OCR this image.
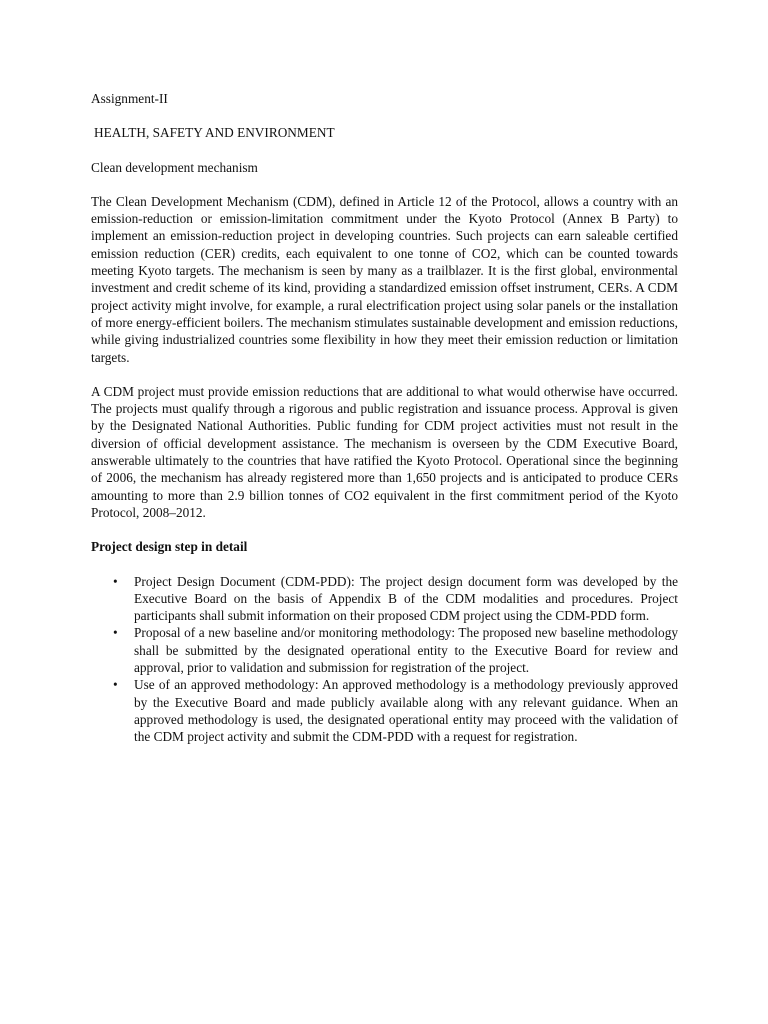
Assignment-II
HEALTH, SAFETY AND ENVIRONMENT
Clean development mechanism

The Clean Development Mechanism (CDM), defined in Article 12 of the Protocol, allows a country with an emission-reduction or emission-limitation commitment under the Kyoto Protocol (Annex B Party) to implement an emission-reduction project in developing countries. Such projects can earn saleable certified emission reduction (CER) credits, each equivalent to one tonne of CO2, which can be counted towards meeting Kyoto targets. The mechanism is seen by many as a trailblazer. It is the first global, environmental investment and credit scheme of its kind, providing a standardized emission offset instrument, CERs. A CDM project activity might involve, for example, a rural electrification project using solar panels or the installation of more energy-efficient boilers. The mechanism stimulates sustainable development and emission reductions, while giving industrialized countries some flexibility in how they meet their emission reduction or limitation targets.

A CDM project must provide emission reductions that are additional to what would otherwise have occurred. The projects must qualify through a rigorous and public registration and issuance process. Approval is given by the Designated National Authorities. Public funding for CDM project activities must not result in the diversion of official development assistance. The mechanism is overseen by the CDM Executive Board, answerable ultimately to the countries that have ratified the Kyoto Protocol. Operational since the beginning of 2006, the mechanism has already registered more than 1,650 projects and is anticipated to produce CERs amounting to more than 2.9 billion tonnes of CO2 equivalent in the first commitment period of the Kyoto Protocol, 2008–2012.

Project design step in detail
• Project Design Document (CDM-PDD): The project design document form was developed by the Executive Board on the basis of Appendix B of the CDM modalities and procedures. Project participants shall submit information on their proposed CDM project using the CDM-PDD form.
• Proposal of a new baseline and/or monitoring methodology: The proposed new baseline methodology shall be submitted by the designated operational entity to the Executive Board for review and approval, prior to validation and submission for registration of the project.
• Use of an approved methodology: An approved methodology is a methodology previously approved by the Executive Board and made publicly available along with any relevant guidance. When an approved methodology is used, the designated operational entity may proceed with the validation of the CDM project activity and submit the CDM-PDD with a request for registration.
